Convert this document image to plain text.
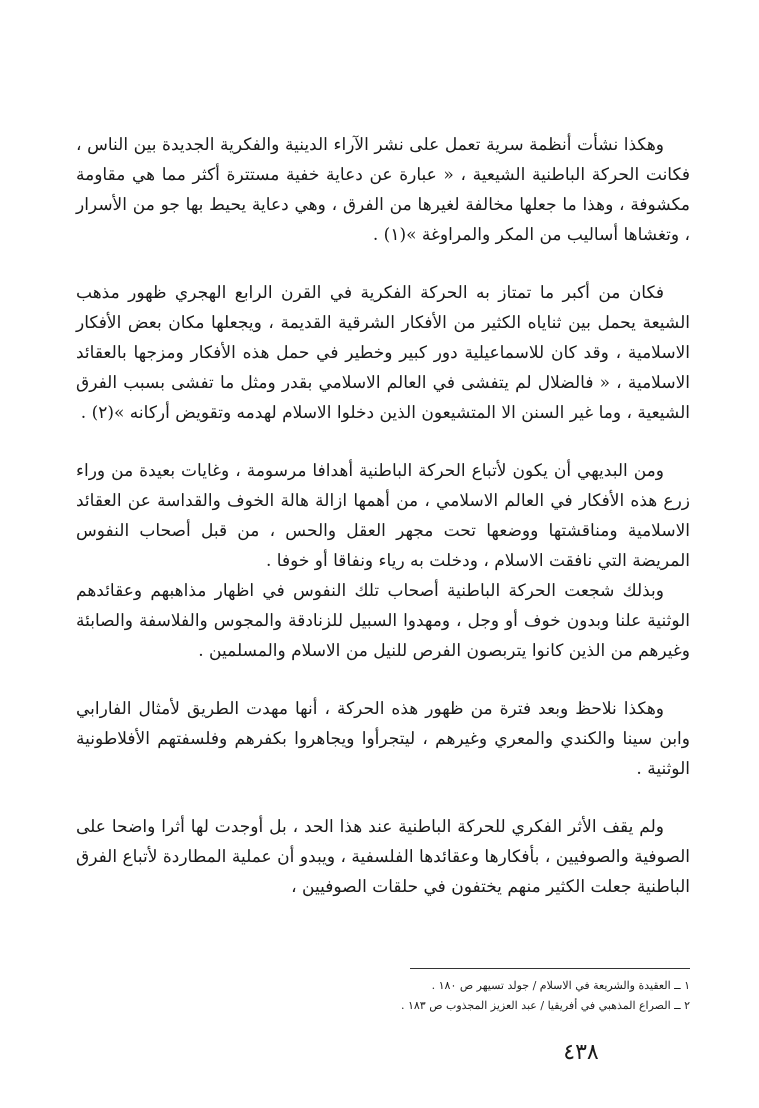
وهكذا نشأت أنظمة سرية تعمل على نشر الآراء الدينية والفكرية الجديدة بين الناس ، فكانت الحركة الباطنية الشيعية ، « عبارة عن دعاية خفية مستترة أكثر مما هي مقاومة مكشوفة ، وهذا ما جعلها مخالفة لغيرها من الفرق ، وهي دعاية يحيط بها جو من الأسرار ، وتغشاها أساليب من المكر والمراوغة »(١) .

فكان من أكبر ما تمتاز به الحركة الفكرية في القرن الرابع الهجري ظهور مذهب الشيعة يحمل بين ثناياه الكثير من الأفكار الشرقية القديمة ، ويجعلها مكان بعض الأفكار الاسلامية ، وقد كان للاسماعيلية دور كبير وخطير في حمل هذه الأفكار ومزجها بالعقائد الاسلامية ، « فالضلال لم يتفشى في العالم الاسلامي بقدر ومثل ما تفشى بسبب الفرق الشيعية ، وما غير السنن الا المتشيعون الذين دخلوا الاسلام لهدمه وتقويض أركانه »(٢) .

ومن البديهي أن يكون لأتباع الحركة الباطنية أهدافا مرسومة ، وغايات بعيدة من وراء زرع هذه الأفكار في العالم الاسلامي ، من أهمها ازالة هالة الخوف والقداسة عن العقائد الاسلامية ومناقشتها ووضعها تحت مجهر العقل والحس ، من قبل أصحاب النفوس المريضة التي نافقت الاسلام ، ودخلت به رياء ونفاقا أو خوفا .

وبذلك شجعت الحركة الباطنية أصحاب تلك النفوس في اظهار مذاهبهم وعقائدهم الوثنية علنا وبدون خوف أو وجل ، ومهدوا السبيل للزنادقة والمجوس والفلاسفة والصابئة وغيرهم من الذين كانوا يتربصون الفرص للنيل من الاسلام والمسلمين .

وهكذا نلاحظ وبعد فترة من ظهور هذه الحركة ، أنها مهدت الطريق لأمثال الفارابي وابن سينا والكندي والمعري وغيرهم ، ليتجرأوا ويجاهروا بكفرهم وفلسفتهم الأفلاطونية الوثنية .

ولم يقف الأثر الفكري للحركة الباطنية عند هذا الحد ، بل أوجدت لها أثرا واضحا على الصوفية والصوفيين ، بأفكارها وعقائدها الفلسفية ، ويبدو أن عملية المطاردة لأتباع الفرق الباطنية جعلت الكثير منهم يختفون في حلقات الصوفيين ،

١ ــ العقيدة والشريعة في الاسلام / جولد تسيهر ص ١٨٠ .

٢ ــ الصراع المذهبي في أفريقيا / عبد العزيز المجذوب ص ١٨٣ .

٤٣٨
